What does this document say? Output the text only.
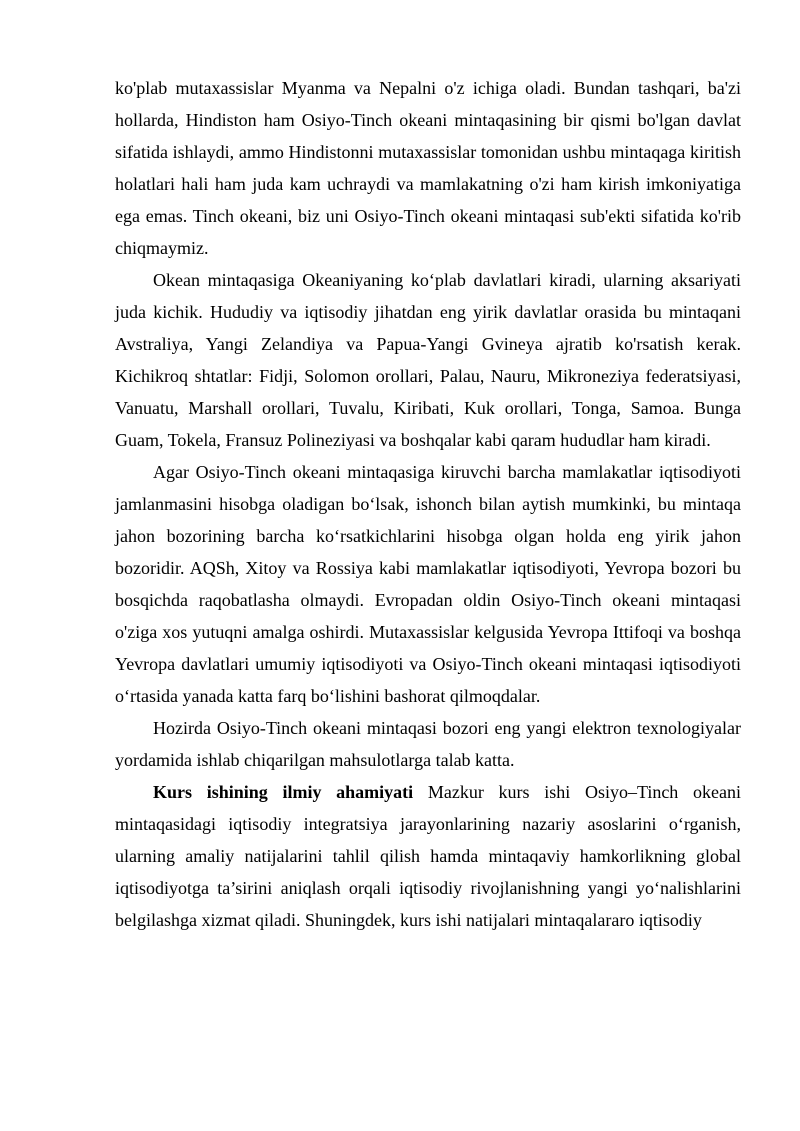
ko'plab mutaxassislar Myanma va Nepalni o'z ichiga oladi. Bundan tashqari, ba'zi hollarda, Hindiston ham Osiyo-Tinch okeani mintaqasining bir qismi bo'lgan davlat sifatida ishlaydi, ammo Hindistonni mutaxassislar tomonidan ushbu mintaqaga kiritish holatlari hali ham juda kam uchraydi va mamlakatning o'zi ham kirish imkoniyatiga ega emas. Tinch okeani, biz uni Osiyo-Tinch okeani mintaqasi sub'ekti sifatida ko'rib chiqmaymiz.

Okean mintaqasiga Okeaniyaning ko‘plab davlatlari kiradi, ularning aksariyati juda kichik. Hududiy va iqtisodiy jihatdan eng yirik davlatlar orasida bu mintaqani Avstraliya, Yangi Zelandiya va Papua-Yangi Gvineya ajratib ko'rsatish kerak. Kichikroq shtatlar: Fidji, Solomon orollari, Palau, Nauru, Mikroneziya federatsiyasi, Vanuatu, Marshall orollari, Tuvalu, Kiribati, Kuk orollari, Tonga, Samoa. Bunga Guam, Tokela, Fransuz Polineziyasi va boshqalar kabi qaram hududlar ham kiradi.

Agar Osiyo-Tinch okeani mintaqasiga kiruvchi barcha mamlakatlar iqtisodiyoti jamlanmasini hisobga oladigan bo‘lsak, ishonch bilan aytish mumkinki, bu mintaqa jahon bozorining barcha ko‘rsatkichlarini hisobga olgan holda eng yirik jahon bozoridir. AQSh, Xitoy va Rossiya kabi mamlakatlar iqtisodiyoti, Yevropa bozori bu bosqichda raqobatlasha olmaydi. Evropadan oldin Osiyo-Tinch okeani mintaqasi o'ziga xos yutuqni amalga oshirdi. Mutaxassislar kelgusida Yevropa Ittifoqi va boshqa Yevropa davlatlari umumiy iqtisodiyoti va Osiyo-Tinch okeani mintaqasi iqtisodiyoti o‘rtasida yanada katta farq bo‘lishini bashorat qilmoqdalar.

Hozirda Osiyo-Tinch okeani mintaqasi bozori eng yangi elektron texnologiyalar yordamida ishlab chiqarilgan mahsulotlarga talab katta.

Kurs ishining ilmiy ahamiyati Mazkur kurs ishi Osiyo–Tinch okeani mintaqasidagi iqtisodiy integratsiya jarayonlarining nazariy asoslarini o‘rganish, ularning amaliy natijalarini tahlil qilish hamda mintaqaviy hamkorlikning global iqtisodiyotga ta’sirini aniqlash orqali iqtisodiy rivojlanishning yangi yo‘nalishlarini belgilashga xizmat qiladi. Shuningdek, kurs ishi natijalari mintaqalararo iqtisodiy
